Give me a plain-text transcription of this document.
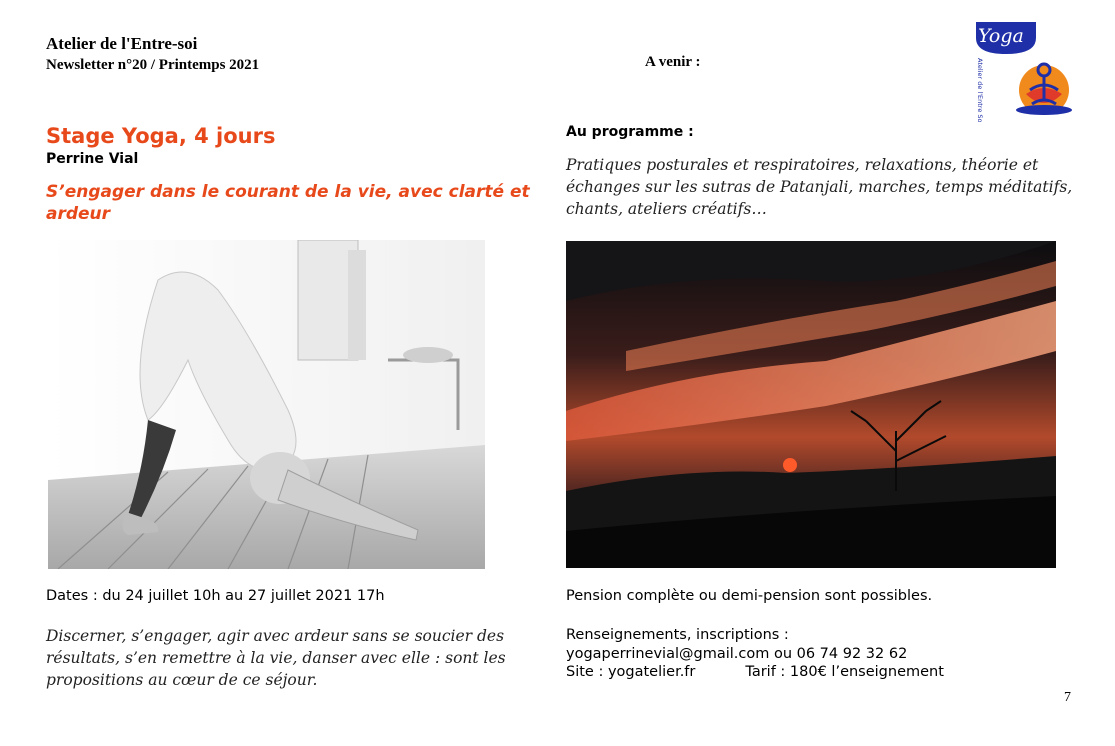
Atelier de l'Entre-soi
Newsletter n°20 / Printemps 2021	A venir :
Yoga
Atelier de l'Entre Soi
Stage Yoga, 4 jours
Perrine Vial
S’engager dans le courant de la vie, avec clarté et ardeur
Dates : du 24 juillet 10h au 27 juillet 2021 17h
Discerner, s’engager, agir avec ardeur sans se soucier des résultats, s’en remettre à la vie, danser avec elle : sont les propositions au cœur de ce séjour.
Au programme :
Pratiques posturales et respiratoires, relaxations, théorie et échanges sur les sutras de Patanjali, marches, temps méditatifs, chants, ateliers créatifs…
Pension complète ou demi-pension sont possibles.
Renseignements, inscriptions :
yogaperrinevial@gmail.com ou 06 74 92 32 62
Site : yogatelier.fr	Tarif : 180€ l’enseignement
7
